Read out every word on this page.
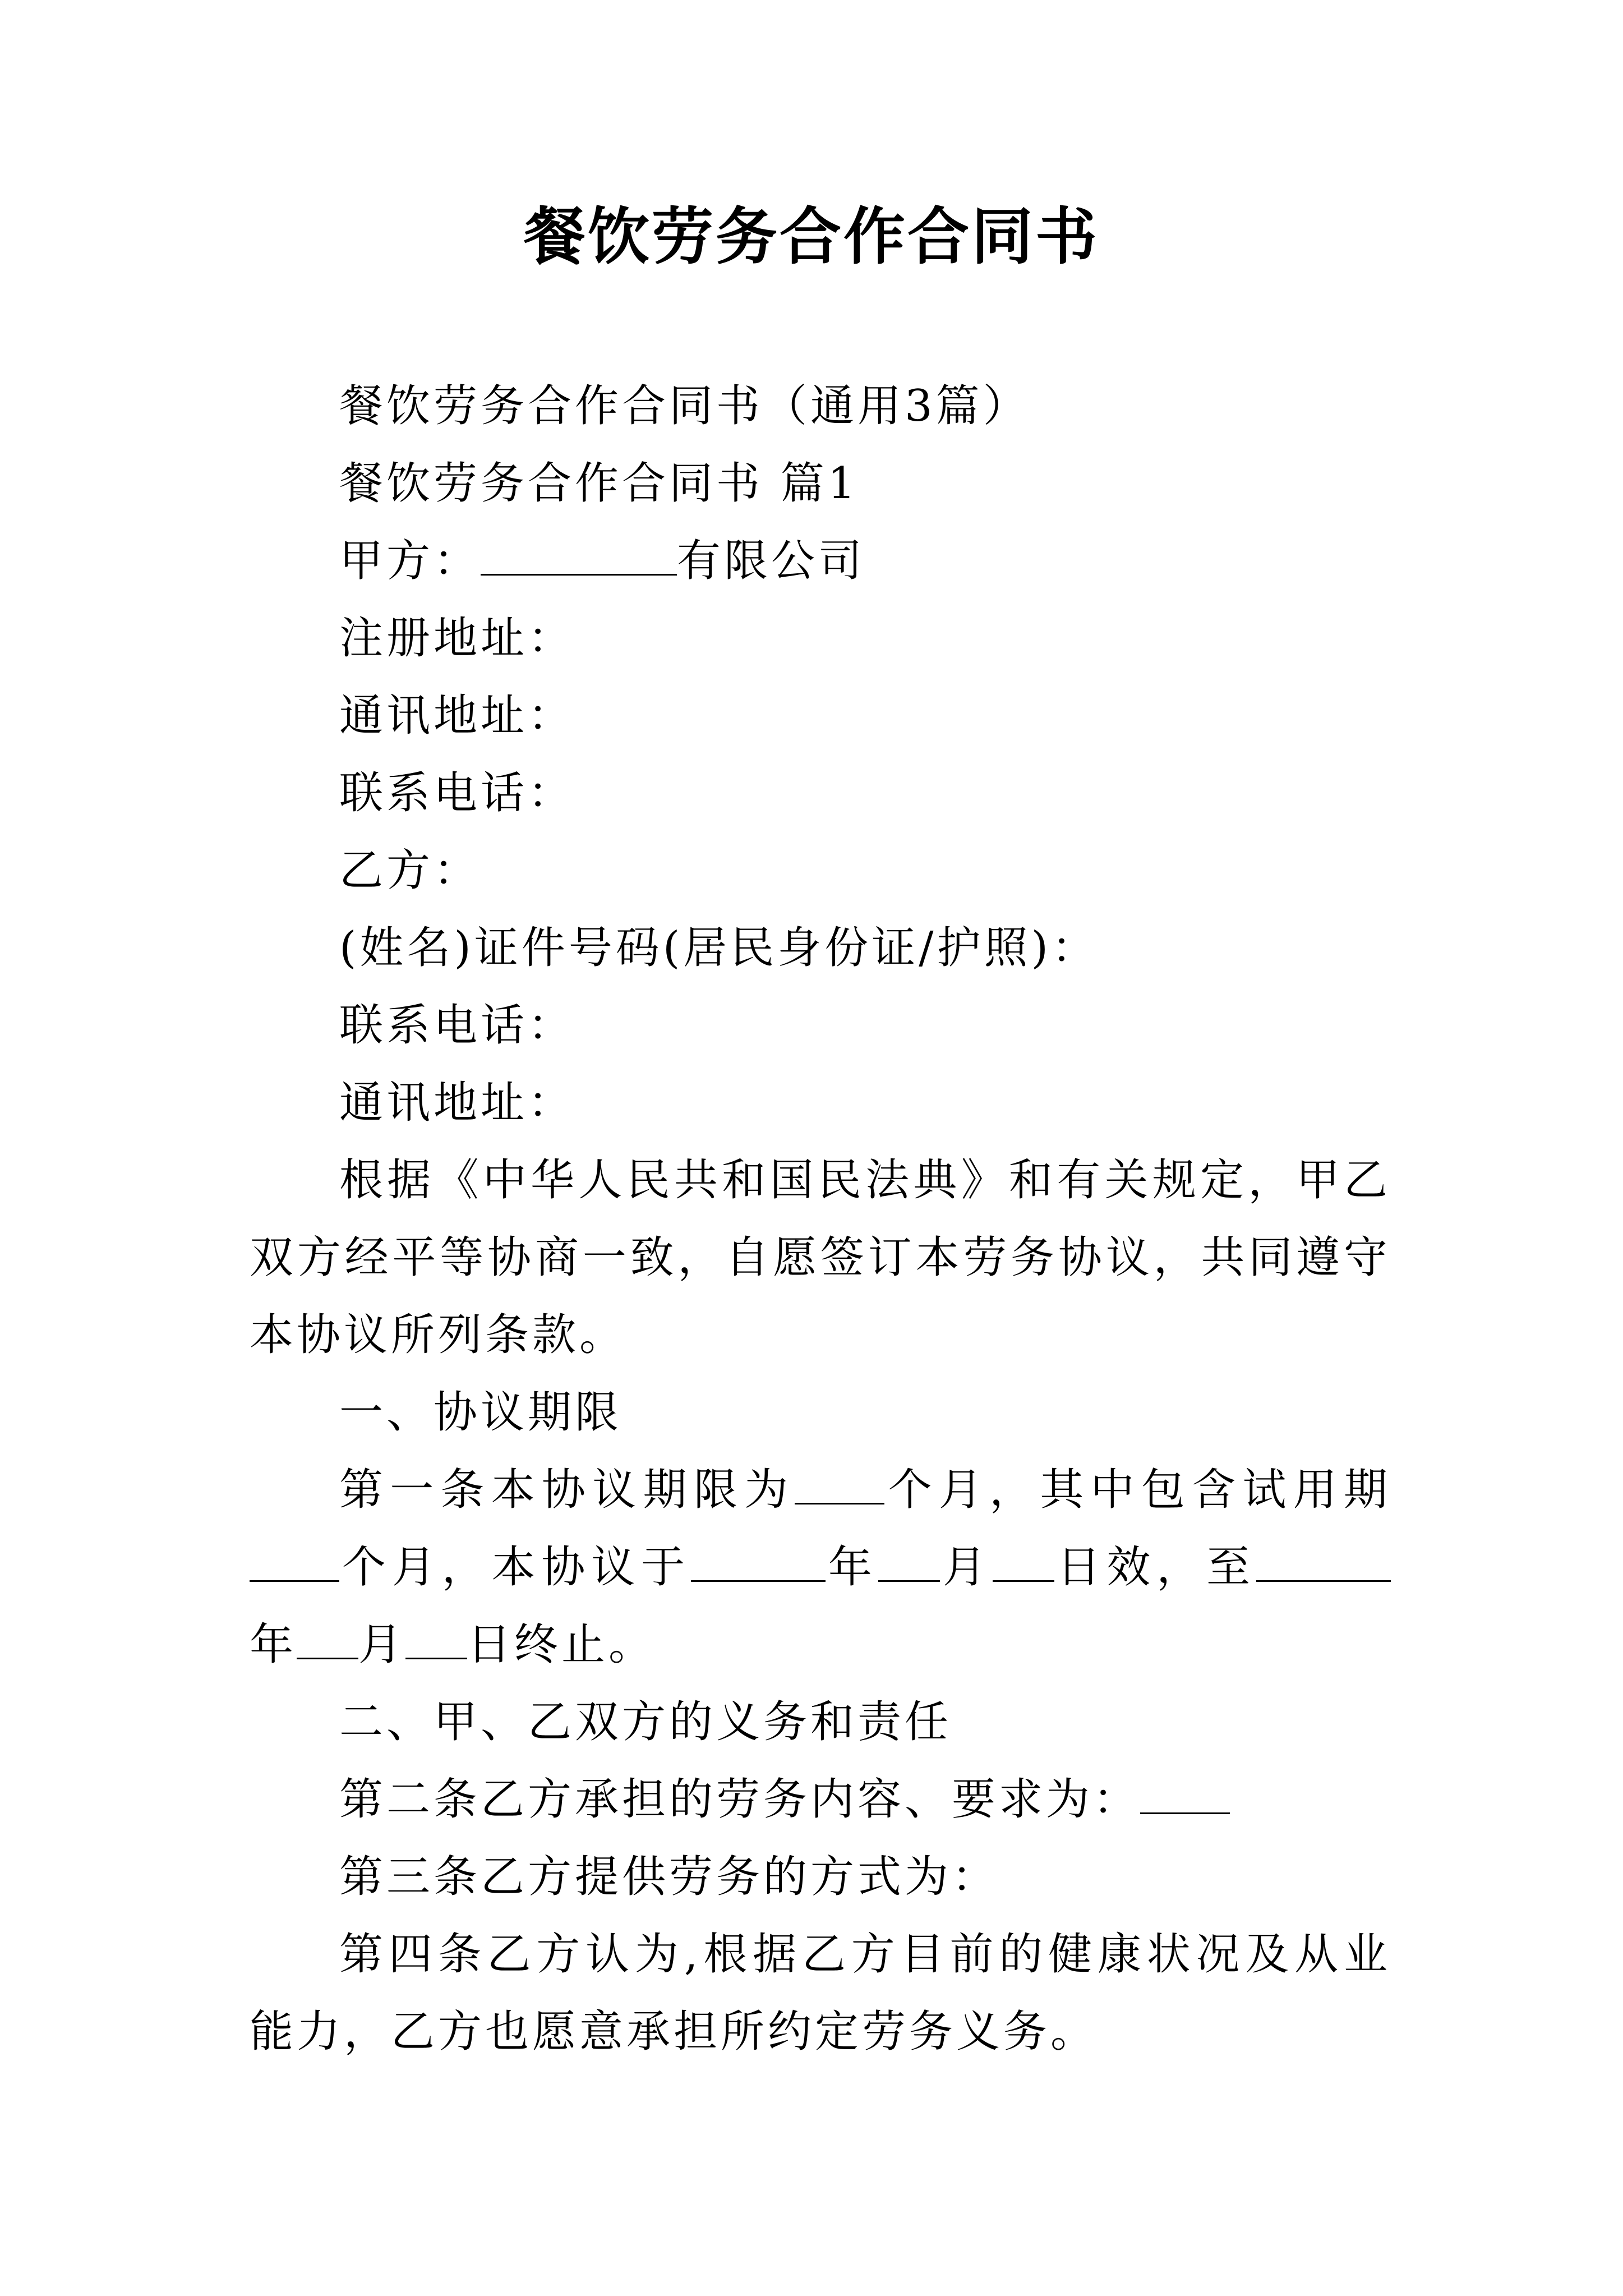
餐饮劳务合作合同书

餐饮劳务合作合同书（通用3篇）

餐饮劳务合作合同书 篇1

甲方：	有限公司

注册地址：

通讯地址：

联系电话：

乙方：

(姓名)证件号码(居民身份证/护照)：

联系电话：

通讯地址：

根据《中华人民共和国民法典》和有关规定，甲乙双方经平等协商一致，自愿签订本劳务协议，共同遵守本协议所列条款。

一、协议期限

第一条本协议期限为 个月，其中包含试用期个月，本协议于	年 月 日效，至年 月 日终止。

二、甲、乙双方的义务和责任

第二条乙方承担的劳务内容、要求为：

第三条乙方提供劳务的方式为：

第四条乙方认为,根据乙方目前的健康状况及从业能力，乙方也愿意承担所约定劳务义务。
